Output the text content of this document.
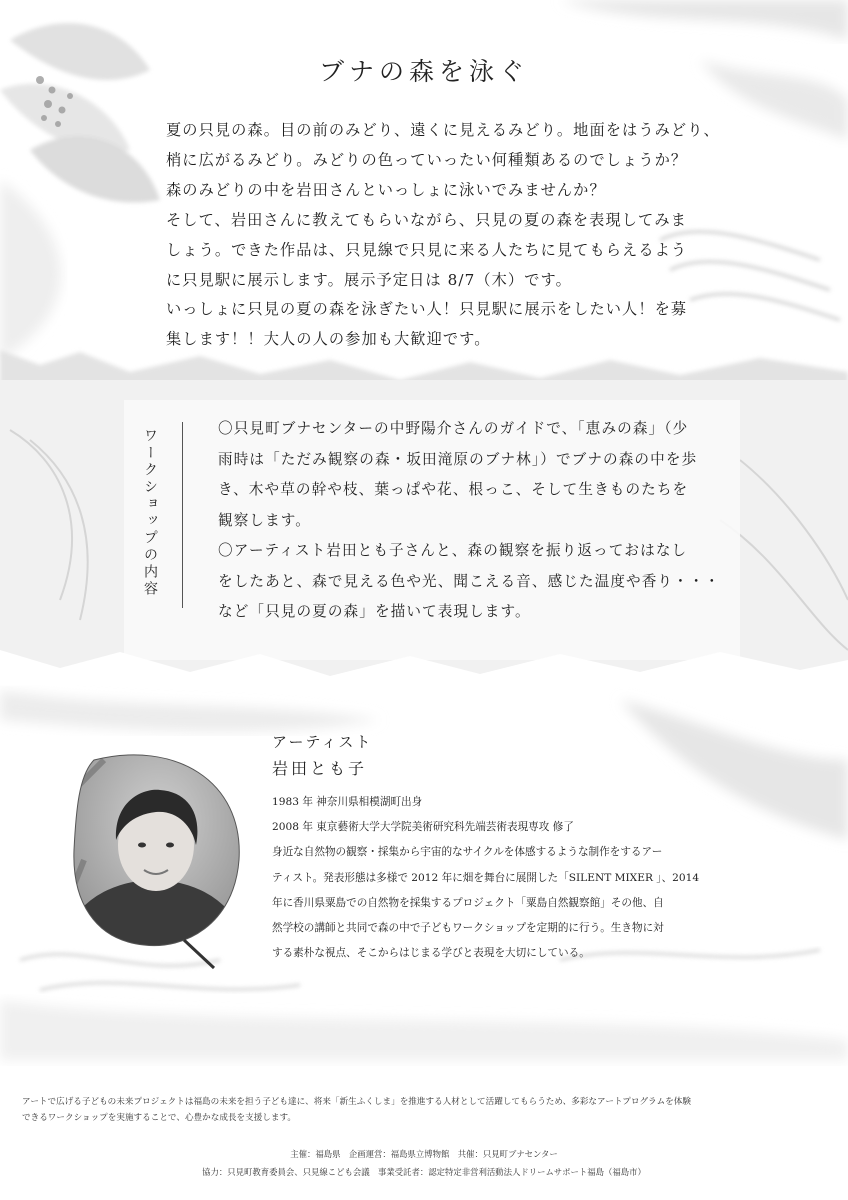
ブナの森を泳ぐ
夏の只見の森。目の前のみどり、遠くに見えるみどり。地面をはうみどり、
梢に広がるみどり。みどりの色っていったい何種類あるのでしょうか？
森のみどりの中を岩田さんといっしょに泳いでみませんか？
そして、岩田さんに教えてもらいながら、只見の夏の森を表現してみま
しょう。できた作品は、只見線で只見に来る人たちに見てもらえるよう
に只見駅に展示します。展示予定日は 8/7（木）です。
いっしょに只見の夏の森を泳ぎたい人！只見駅に展示をしたい人！を募
集します！！大人の人の参加も大歓迎です。
ワークショップの内容	〇只見町ブナセンターの中野陽介さんのガイドで、「恵みの森」（少
雨時は「ただみ観察の森・坂田滝原のブナ林」）でブナの森の中を歩
き、木や草の幹や枝、葉っぱや花、根っこ、そして生きものたちを
観察します。
〇アーティスト岩田とも子さんと、森の観察を振り返っておはなし
をしたあと、森で見える色や光、聞こえる音、感じた温度や香り・・・
など「只見の夏の森」を描いて表現します。
アーティスト
岩田とも子
1983 年 神奈川県相模湖町出身
2008 年 東京藝術大学大学院美術研究科先端芸術表現専攻 修了
身近な自然物の観察・採集から宇宙的なサイクルを体感するような制作をするアー
ティスト。発表形態は多様で 2012 年に畑を舞台に展開した「SILENT MIXER 」、2014
年に香川県粟島での自然物を採集するプロジェクト「粟島自然観察館」その他、自
然学校の講師と共同で森の中で子どもワークショップを定期的に行う。生き物に対
する素朴な視点、そこからはじまる学びと表現を大切にしている。
アートで広げる子どもの未来プロジェクトは福島の未来を担う子ども達に、将来「新生ふくしま」を推進する人材として活躍してもらうため、多彩なアートプログラムを体験
できるワークショップを実施することで、心豊かな成長を支援します。
主催：福島県　企画運営：福島県立博物館　共催：只見町ブナセンター
協力：只見町教育委員会、只見線こども会議　事業受託者：認定特定非営利活動法人ドリームサポート福島（福島市）
